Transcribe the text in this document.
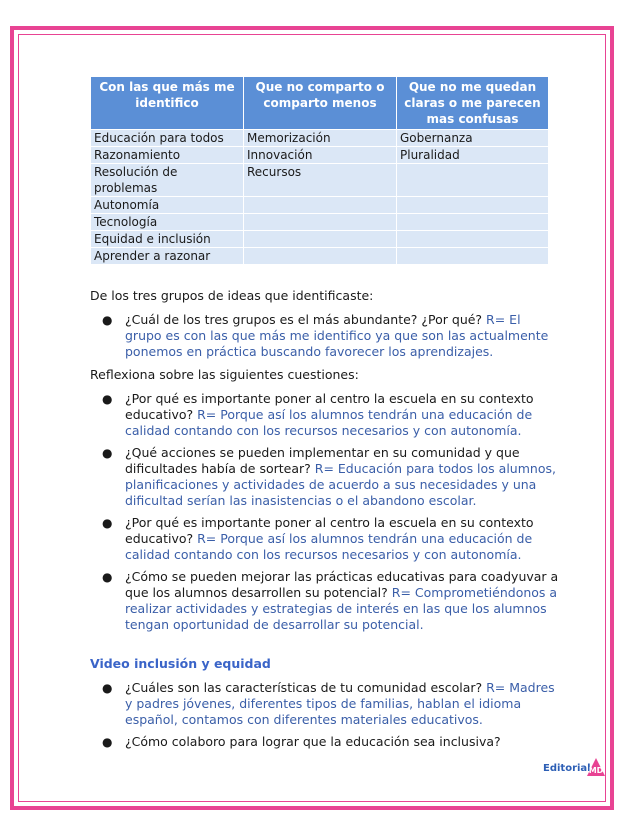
Con las que más me identifico	Que no comparto o comparto menos	Que no me quedan claras o me parecen mas confusas
Educación para todos	Memorización	Gobernanza
Razonamiento	Innovación	Pluralidad
Resolución de problemas	Recursos	
Autonomía		
Tecnología		
Equidad e inclusión		
Aprender a razonar		

De los tres grupos de ideas que identificaste:

● ¿Cuál de los tres grupos es el más abundante? ¿Por qué? R= El grupo es con las que más me identifico ya que son las actualmente ponemos en práctica buscando favorecer los aprendizajes.

Reflexiona sobre las siguientes cuestiones:

● ¿Por qué es importante poner al centro la escuela en su contexto educativo? R= Porque así los alumnos tendrán una educación de calidad contando con los recursos necesarios y con autonomía.
● ¿Qué acciones se pueden implementar en su comunidad y que dificultades había de sortear? R= Educación para todos los alumnos, planificaciones y actividades de acuerdo a sus necesidades y una dificultad serían las inasistencias o el abandono escolar.
● ¿Por qué es importante poner al centro la escuela en su contexto educativo? R= Porque así los alumnos tendrán una educación de calidad contando con los recursos necesarios y con autonomía.
● ¿Cómo se pueden mejorar las prácticas educativas para coadyuvar a que los alumnos desarrollen su potencial? R= Comprometiéndonos a realizar actividades y estrategias de interés en las que los alumnos tengan oportunidad de desarrollar su potencial.
Video inclusión y equidad
● ¿Cuáles son las características de tu comunidad escolar? R= Madres y padres jóvenes, diferentes tipos de familias, hablan el idioma español, contamos con diferentes materiales educativos.
● ¿Cómo colaboro para lograr que la educación sea inclusiva?
Editorial
MD
